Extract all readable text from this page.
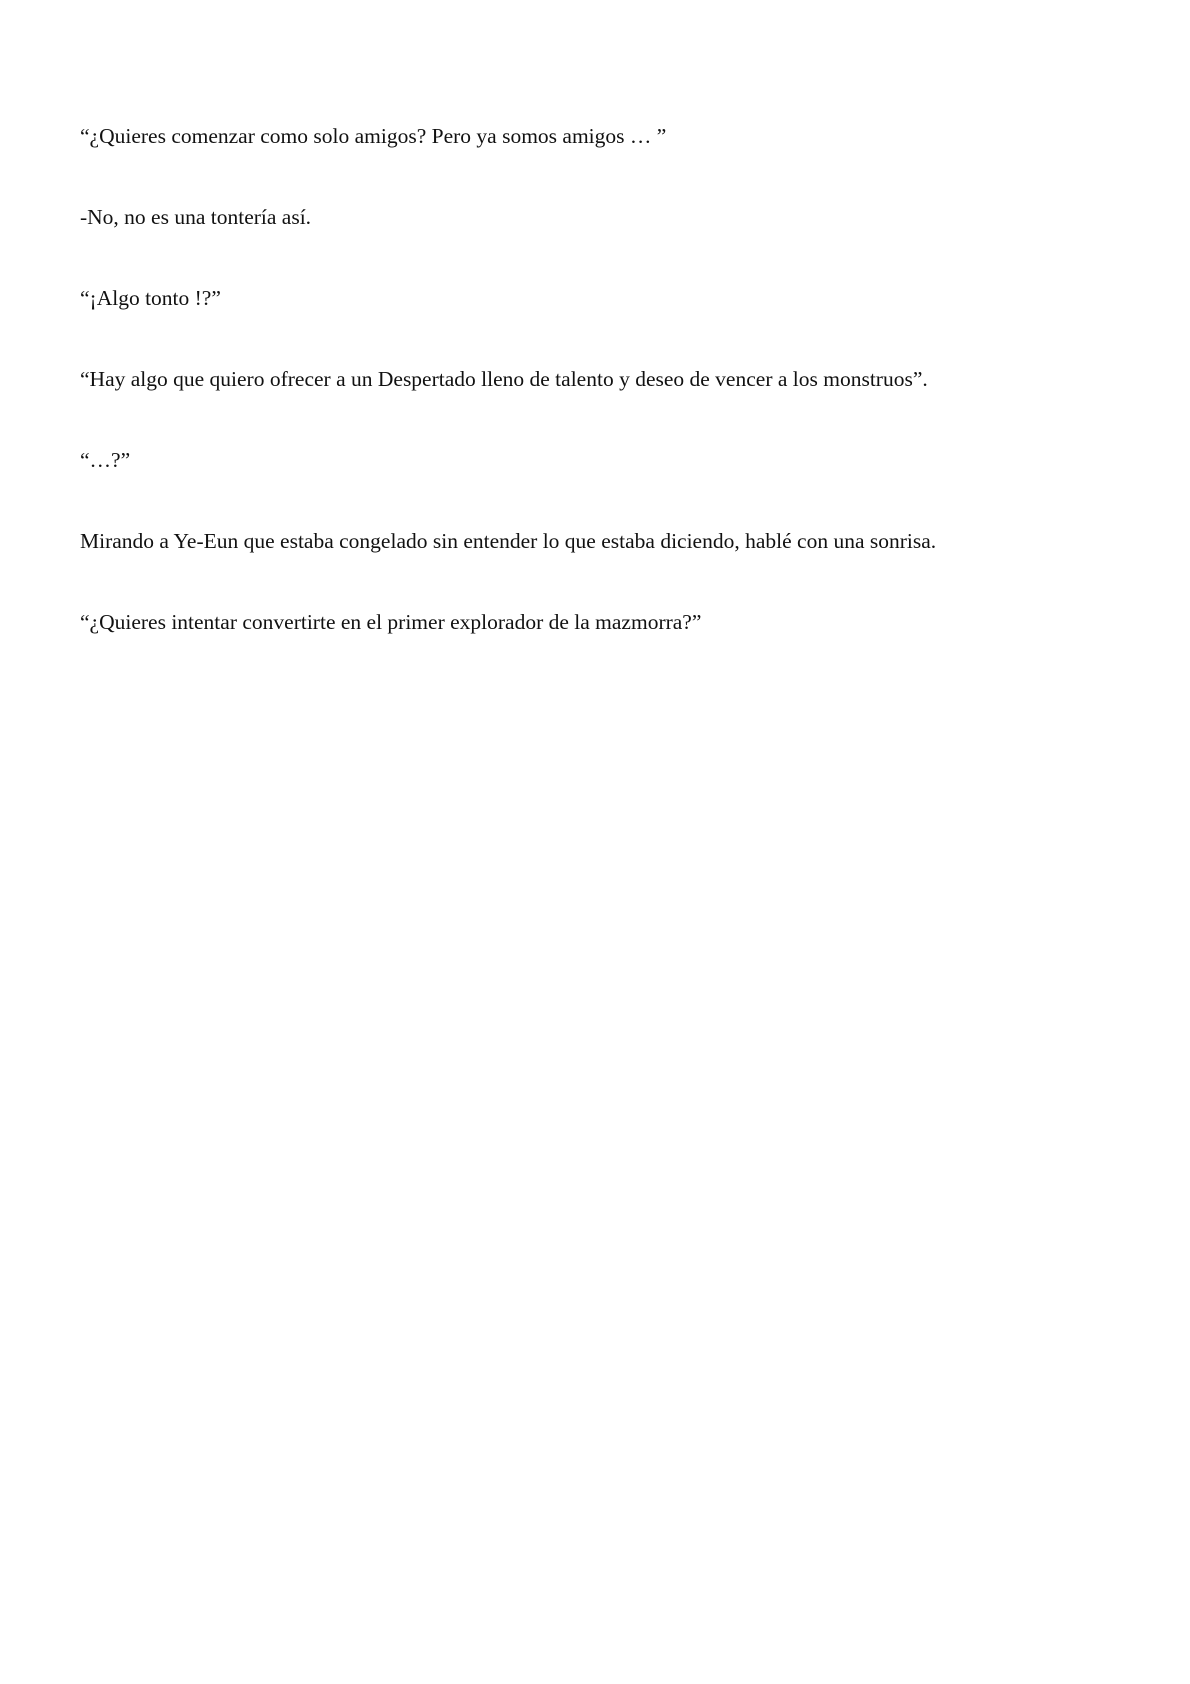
“¿Quieres comenzar como solo amigos? Pero ya somos amigos … ”

-No, no es una tontería así.

“¡Algo tonto !?”

“Hay algo que quiero ofrecer a un Despertado lleno de talento y deseo de vencer a los monstruos”.

“…?”

Mirando a Ye-Eun que estaba congelado sin entender lo que estaba diciendo, hablé con una sonrisa.

“¿Quieres intentar convertirte en el primer explorador de la mazmorra?”
